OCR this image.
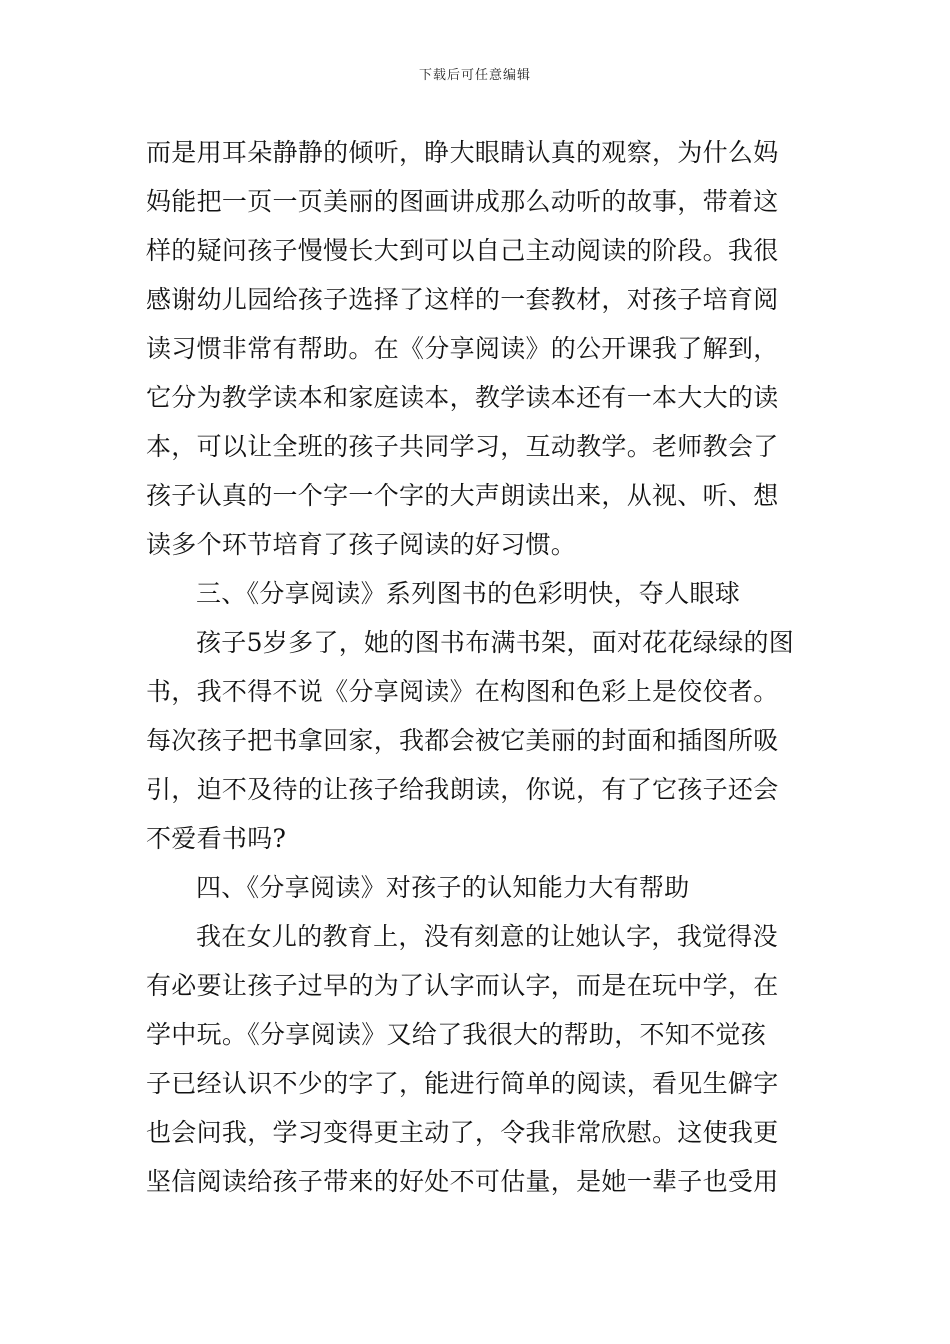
下载后可任意编辑
而是用耳朵静静的倾听，睁大眼睛认真的观察，为什么妈
妈能把一页一页美丽的图画讲成那么动听的故事，带着这
样的疑问孩子慢慢长大到可以自己主动阅读的阶段。我很
感谢幼儿园给孩子选择了这样的一套教材，对孩子培育阅
读习惯非常有帮助。在《分享阅读》的公开课我了解到，
它分为教学读本和家庭读本，教学读本还有一本大大的读
本，可以让全班的孩子共同学习，互动教学。老师教会了
孩子认真的一个字一个字的大声朗读出来，从视、听、想
读多个环节培育了孩子阅读的好习惯。
三、《分享阅读》系列图书的色彩明快，夺人眼球
孩子5岁多了，她的图书布满书架，面对花花绿绿的图
书，我不得不说《分享阅读》在构图和色彩上是佼佼者。
每次孩子把书拿回家，我都会被它美丽的封面和插图所吸
引，迫不及待的让孩子给我朗读，你说，有了它孩子还会
不爱看书吗?
四、《分享阅读》对孩子的认知能力大有帮助
我在女儿的教育上，没有刻意的让她认字，我觉得没
有必要让孩子过早的为了认字而认字，而是在玩中学，在
学中玩。《分享阅读》又给了我很大的帮助，不知不觉孩
子已经认识不少的字了，能进行简单的阅读，看见生僻字
也会问我，学习变得更主动了，令我非常欣慰。这使我更
坚信阅读给孩子带来的好处不可估量，是她一辈子也受用
